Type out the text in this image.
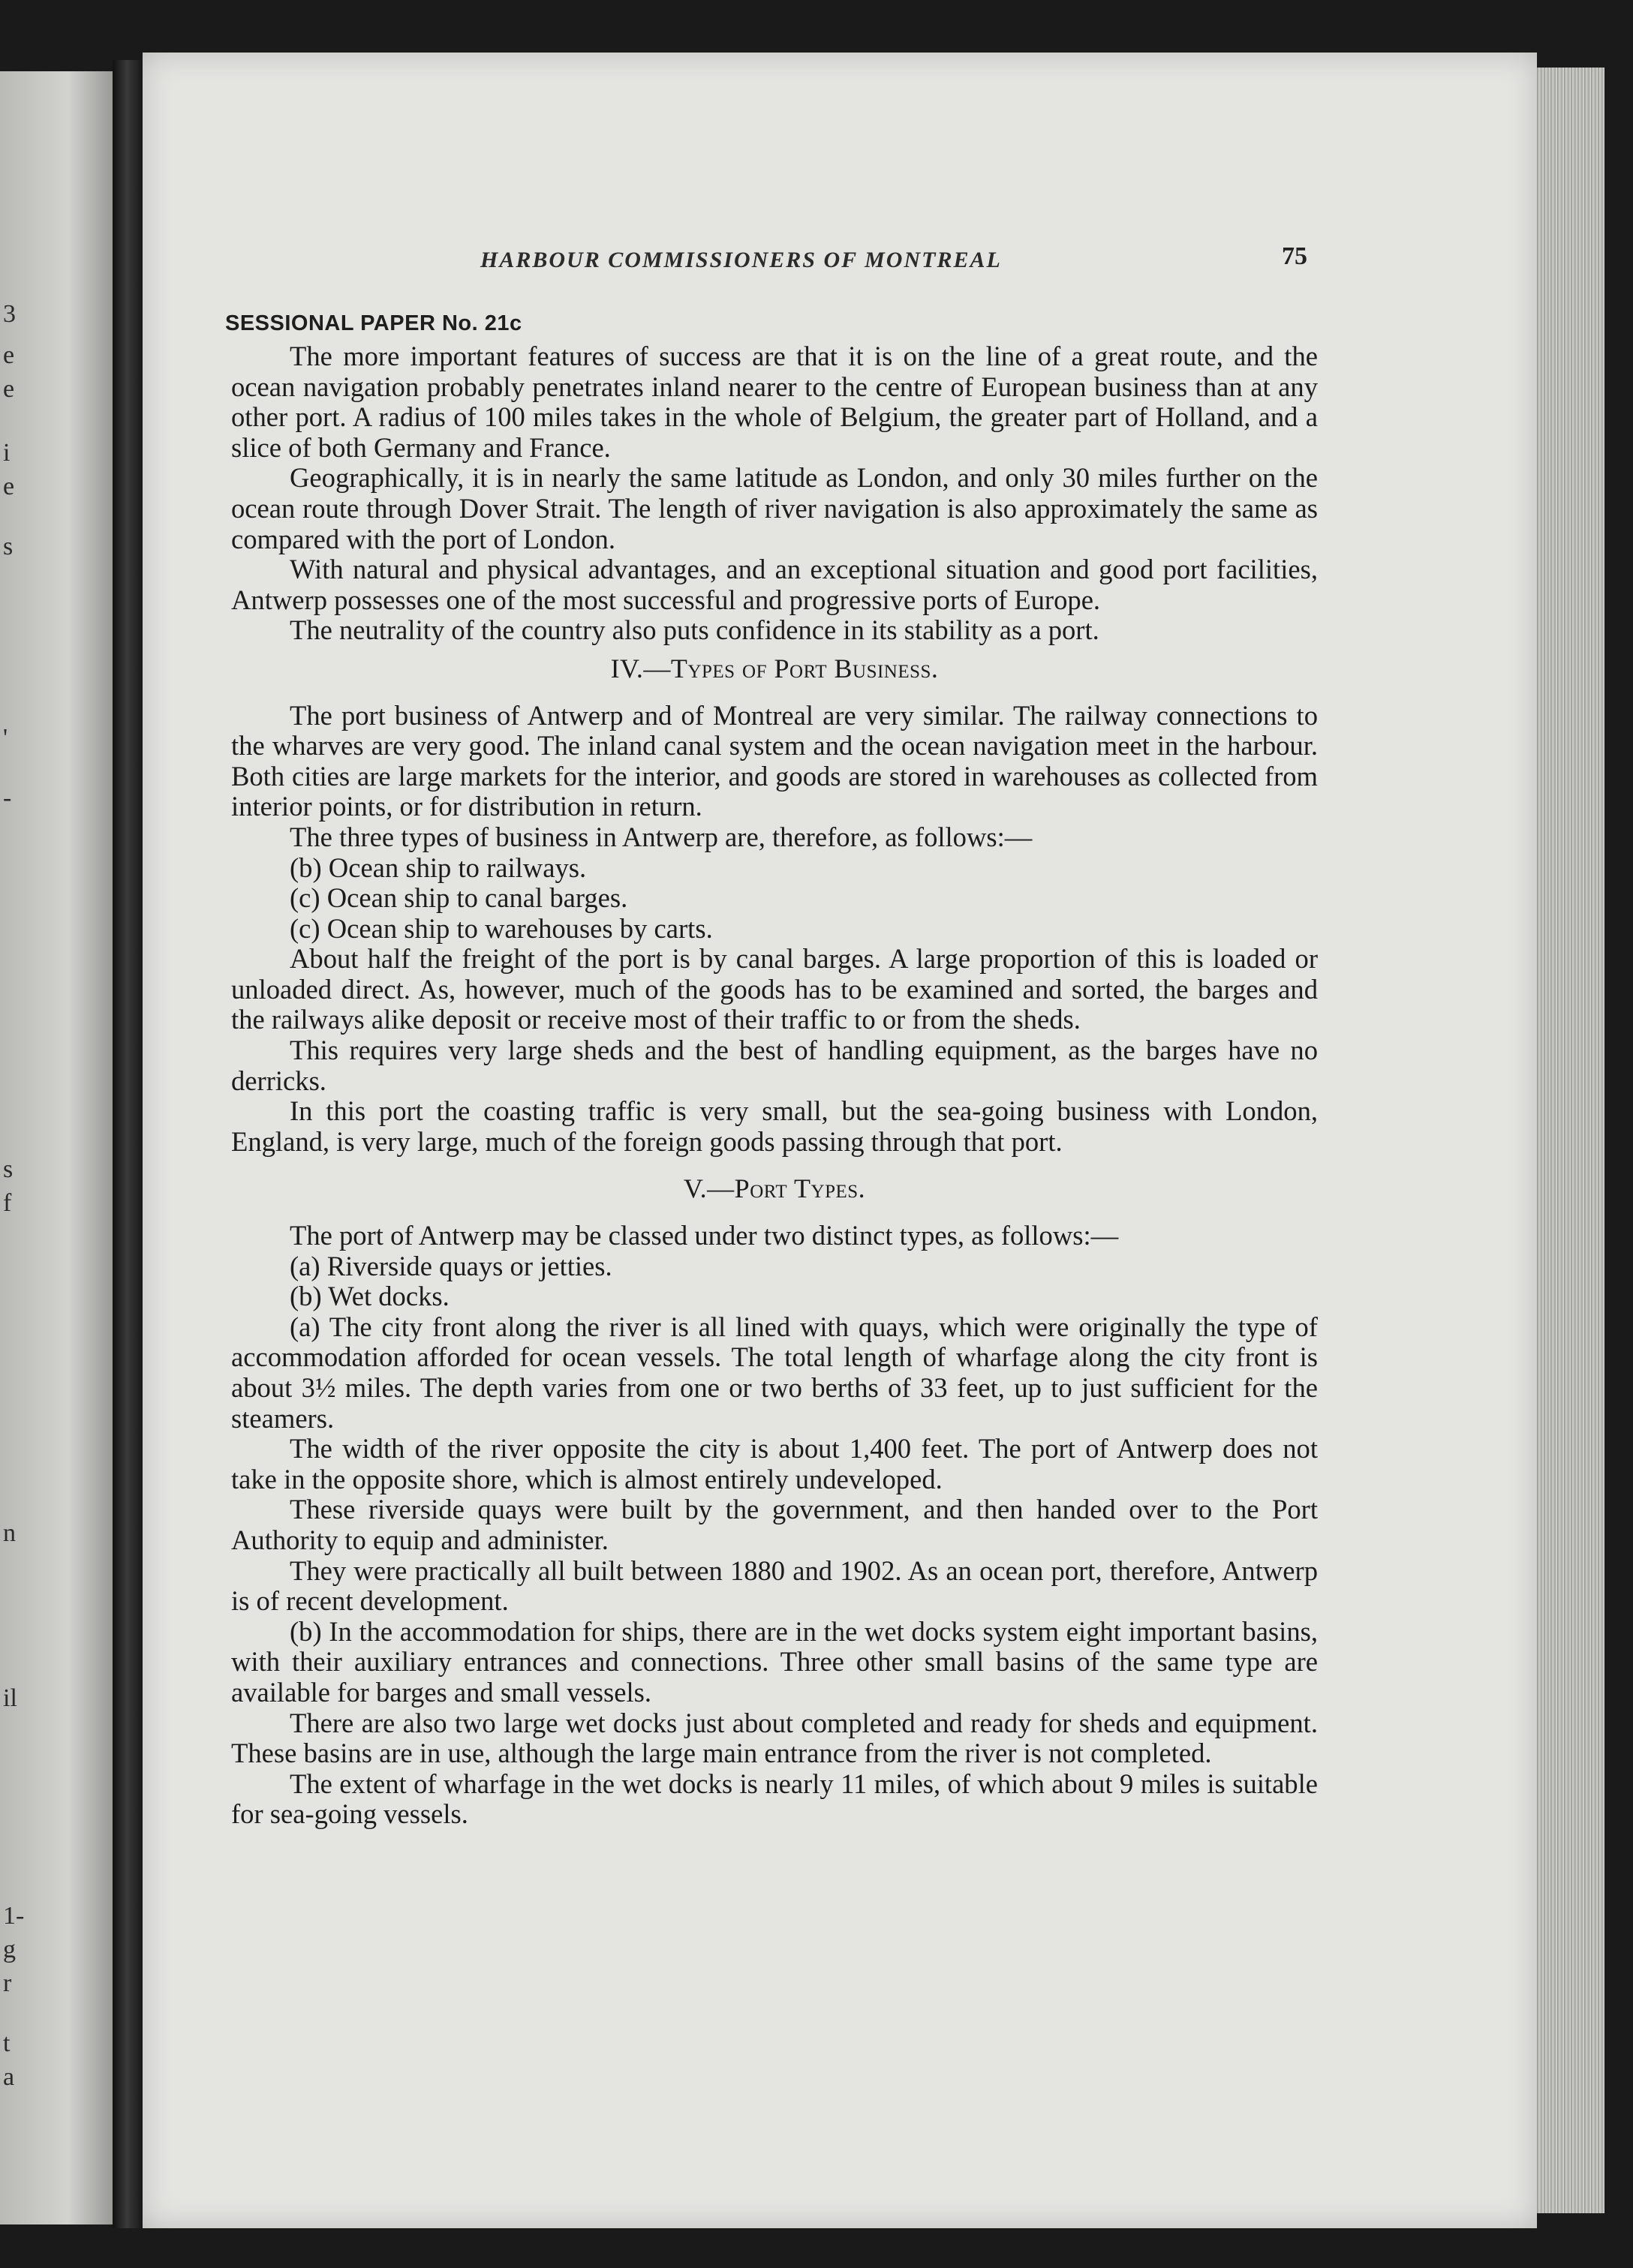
3
e
e
i
e
s
'
-
s
f
n
il
1-
g
r
t
a
HARBOUR COMMISSIONERS OF MONTREAL	75
SESSIONAL PAPER No. 21c

The more important features of success are that it is on the line of a great route, and the ocean navigation probably penetrates inland nearer to the centre of European business than at any other port. A radius of 100 miles takes in the whole of Belgium, the greater part of Holland, and a slice of both Germany and France.

Geographically, it is in nearly the same latitude as London, and only 30 miles further on the ocean route through Dover Strait. The length of river navigation is also approximately the same as compared with the port of London.

With natural and physical advantages, and an exceptional situation and good port facilities, Antwerp possesses one of the most successful and progressive ports of Europe.

The neutrality of the country also puts confidence in its stability as a port.

IV.—Types of Port Business.

The port business of Antwerp and of Montreal are very similar. The railway connections to the wharves are very good. The inland canal system and the ocean navigation meet in the harbour. Both cities are large markets for the interior, and goods are stored in warehouses as collected from interior points, or for distribution in return.

The three types of business in Antwerp are, therefore, as follows:—

(b) Ocean ship to railways.

(c) Ocean ship to canal barges.

(c) Ocean ship to warehouses by carts.

About half the freight of the port is by canal barges. A large proportion of this is loaded or unloaded direct. As, however, much of the goods has to be examined and sorted, the barges and the railways alike deposit or receive most of their traffic to or from the sheds.

This requires very large sheds and the best of handling equipment, as the barges have no derricks.

In this port the coasting traffic is very small, but the sea-going business with London, England, is very large, much of the foreign goods passing through that port.

V.—Port Types.

The port of Antwerp may be classed under two distinct types, as follows:—

(a) Riverside quays or jetties.

(b) Wet docks.

(a) The city front along the river is all lined with quays, which were originally the type of accommodation afforded for ocean vessels. The total length of wharfage along the city front is about 3½ miles. The depth varies from one or two berths of 33 feet, up to just sufficient for the steamers.

The width of the river opposite the city is about 1,400 feet. The port of Antwerp does not take in the opposite shore, which is almost entirely undeveloped.

These riverside quays were built by the government, and then handed over to the Port Authority to equip and administer.

They were practically all built between 1880 and 1902. As an ocean port, therefore, Antwerp is of recent development.

(b) In the accommodation for ships, there are in the wet docks system eight important basins, with their auxiliary entrances and connections. Three other small basins of the same type are available for barges and small vessels.

There are also two large wet docks just about completed and ready for sheds and equipment. These basins are in use, although the large main entrance from the river is not completed.

The extent of wharfage in the wet docks is nearly 11 miles, of which about 9 miles is suitable for sea-going vessels.
